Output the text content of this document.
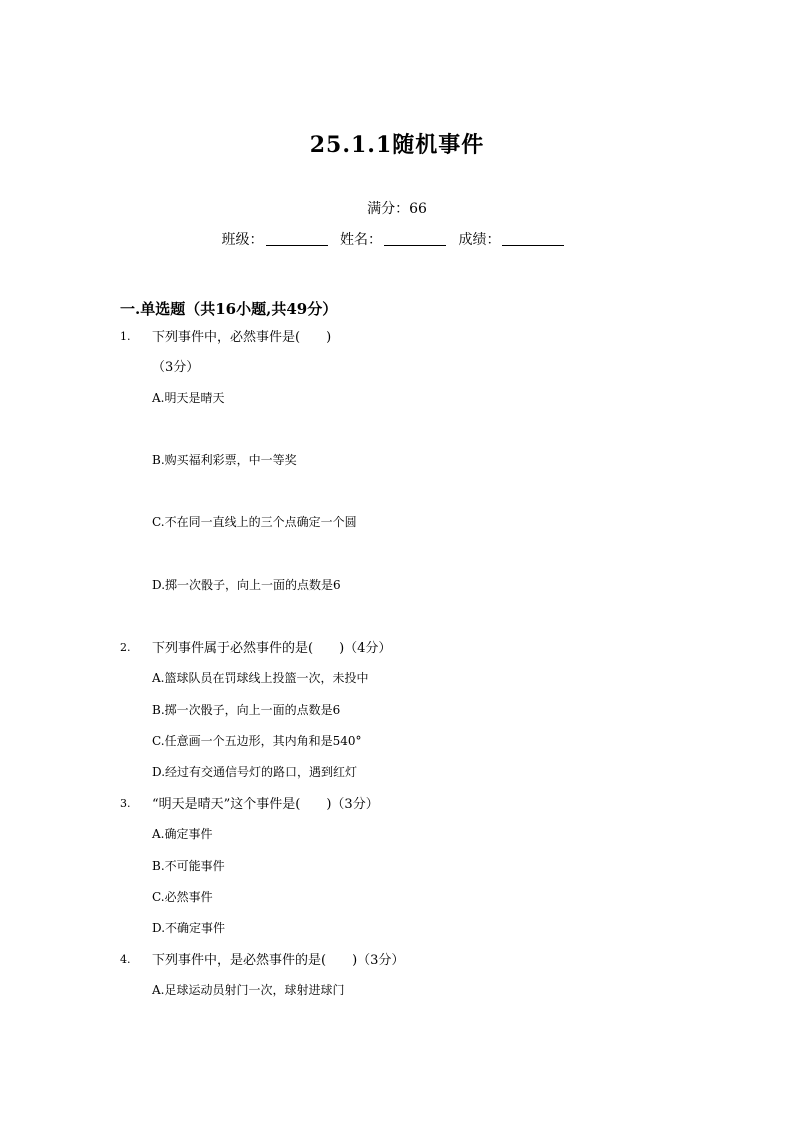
25.1.1随机事件
满分：66
班级：	姓名：	成绩：
一.单选题（共16小题,共49分）
1. 下列事件中，必然事件是(　　)
（3分）
A.明天是晴天
B.购买福利彩票，中一等奖
C.不在同一直线上的三个点确定一个圆
D.掷一次骰子，向上一面的点数是6
2. 下列事件属于必然事件的是(　　)（4分）
A.篮球队员在罚球线上投篮一次，未投中
B.掷一次骰子，向上一面的点数是6
C.任意画一个五边形，其内角和是540°
D.经过有交通信号灯的路口，遇到红灯
3. “明天是晴天”这个事件是(　　)（3分）
A.确定事件
B.不可能事件
C.必然事件
D.不确定事件
4. 下列事件中，是必然事件的是(　　)（3分）
A.足球运动员射门一次，球射进球门
